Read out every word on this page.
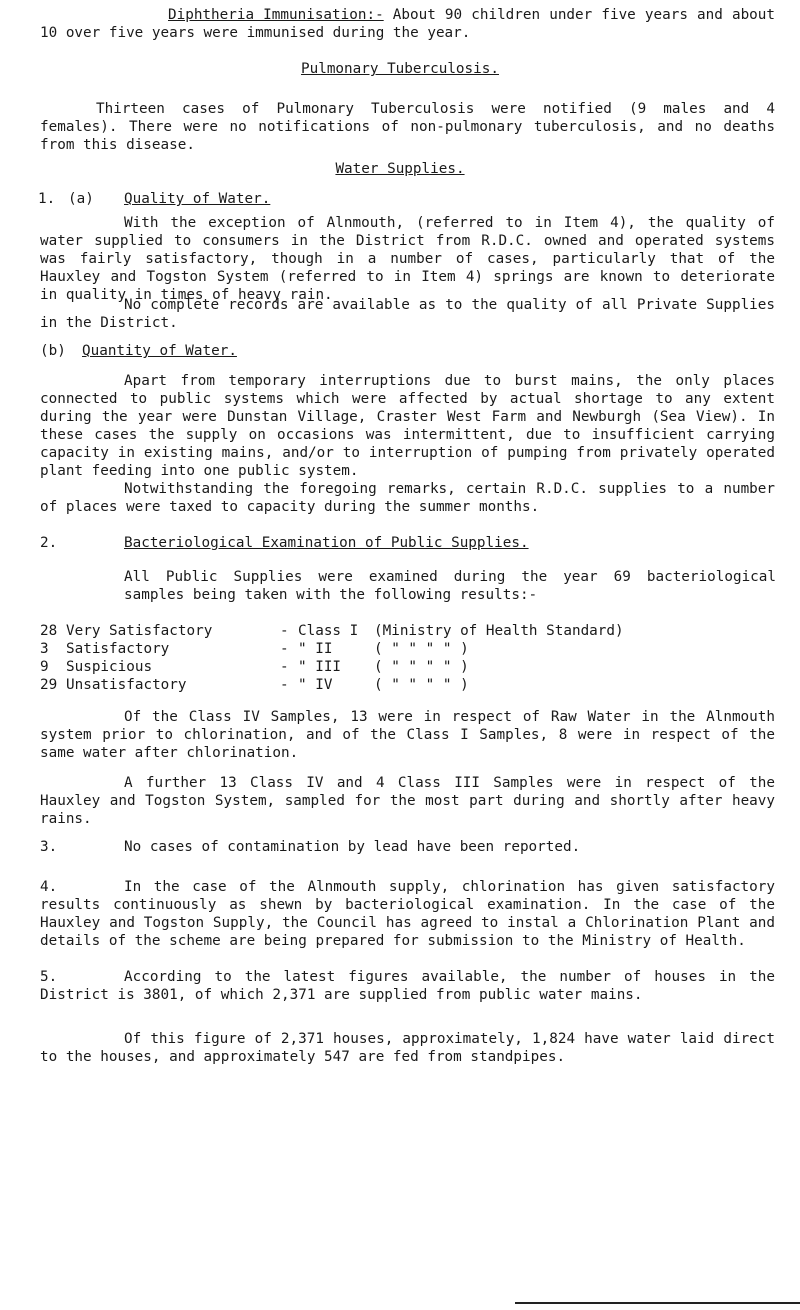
Diphtheria Immunisation:- About 90 children under five years and about 10 over five years were immunised during the year.

Pulmonary Tuberculosis.

Thirteen cases of Pulmonary Tuberculosis were notified (9 males and 4 females). There were no notifications of non-pulmonary tuberculosis, and no deaths from this disease.

Water Supplies.

1. (a) Quality of Water.

With the exception of Alnmouth, (referred to in Item 4), the quality of water supplied to consumers in the District from R.D.C. owned and operated systems was fairly satisfactory, though in a number of cases, particularly that of the Hauxley and Togston System (referred to in Item 4) springs are known to deteriorate in quality in times of heavy rain.

No complete records are available as to the quality of all Private Supplies in the District.

(b) Quantity of Water.

Apart from temporary interruptions due to burst mains, the only places connected to public systems which were affected by actual shortage to any extent during the year were Dunstan Village, Craster West Farm and Newburgh (Sea View). In these cases the supply on occasions was intermittent, due to insufficient carrying capacity in existing mains, and/or to interruption of pumping from privately operated plant feeding into one public system.

Notwithstanding the foregoing remarks, certain R.D.C. supplies to a number of places were taxed to capacity during the summer months.

2.	Bacteriological Examination of Public Supplies.

All Public Supplies were examined during the year 69 bacteriological samples being taken with the following results:-

28 Very Satisfactory	- Class I (Ministry of Health Standard)
3 Satisfactory	- " II	( " " " " )
9 Suspicious	- " III ( " " " " )
29 Unsatisfactory	- " IV	( " " " " )

Of the Class IV Samples, 13 were in respect of Raw Water in the Alnmouth system prior to chlorination, and of the Class I Samples, 8 were in respect of the same water after chlorination.

A further 13 Class IV and 4 Class III Samples were in respect of the Hauxley and Togston System, sampled for the most part during and shortly after heavy rains.

3.	No cases of contamination by lead have been reported.

4.	In the case of the Alnmouth supply, chlorination has given satisfactory results continuously as shewn by bacteriological examination. In the case of the Hauxley and Togston Supply, the Council has agreed to instal a Chlorination Plant and details of the scheme are being prepared for submission to the Ministry of Health.

5.	According to the latest figures available, the number of houses in the District is 3801, of which 2,371 are supplied from public water mains.

Of this figure of 2,371 houses, approximately, 1,824 have water laid direct to the houses, and approximately 547 are fed from standpipes.
